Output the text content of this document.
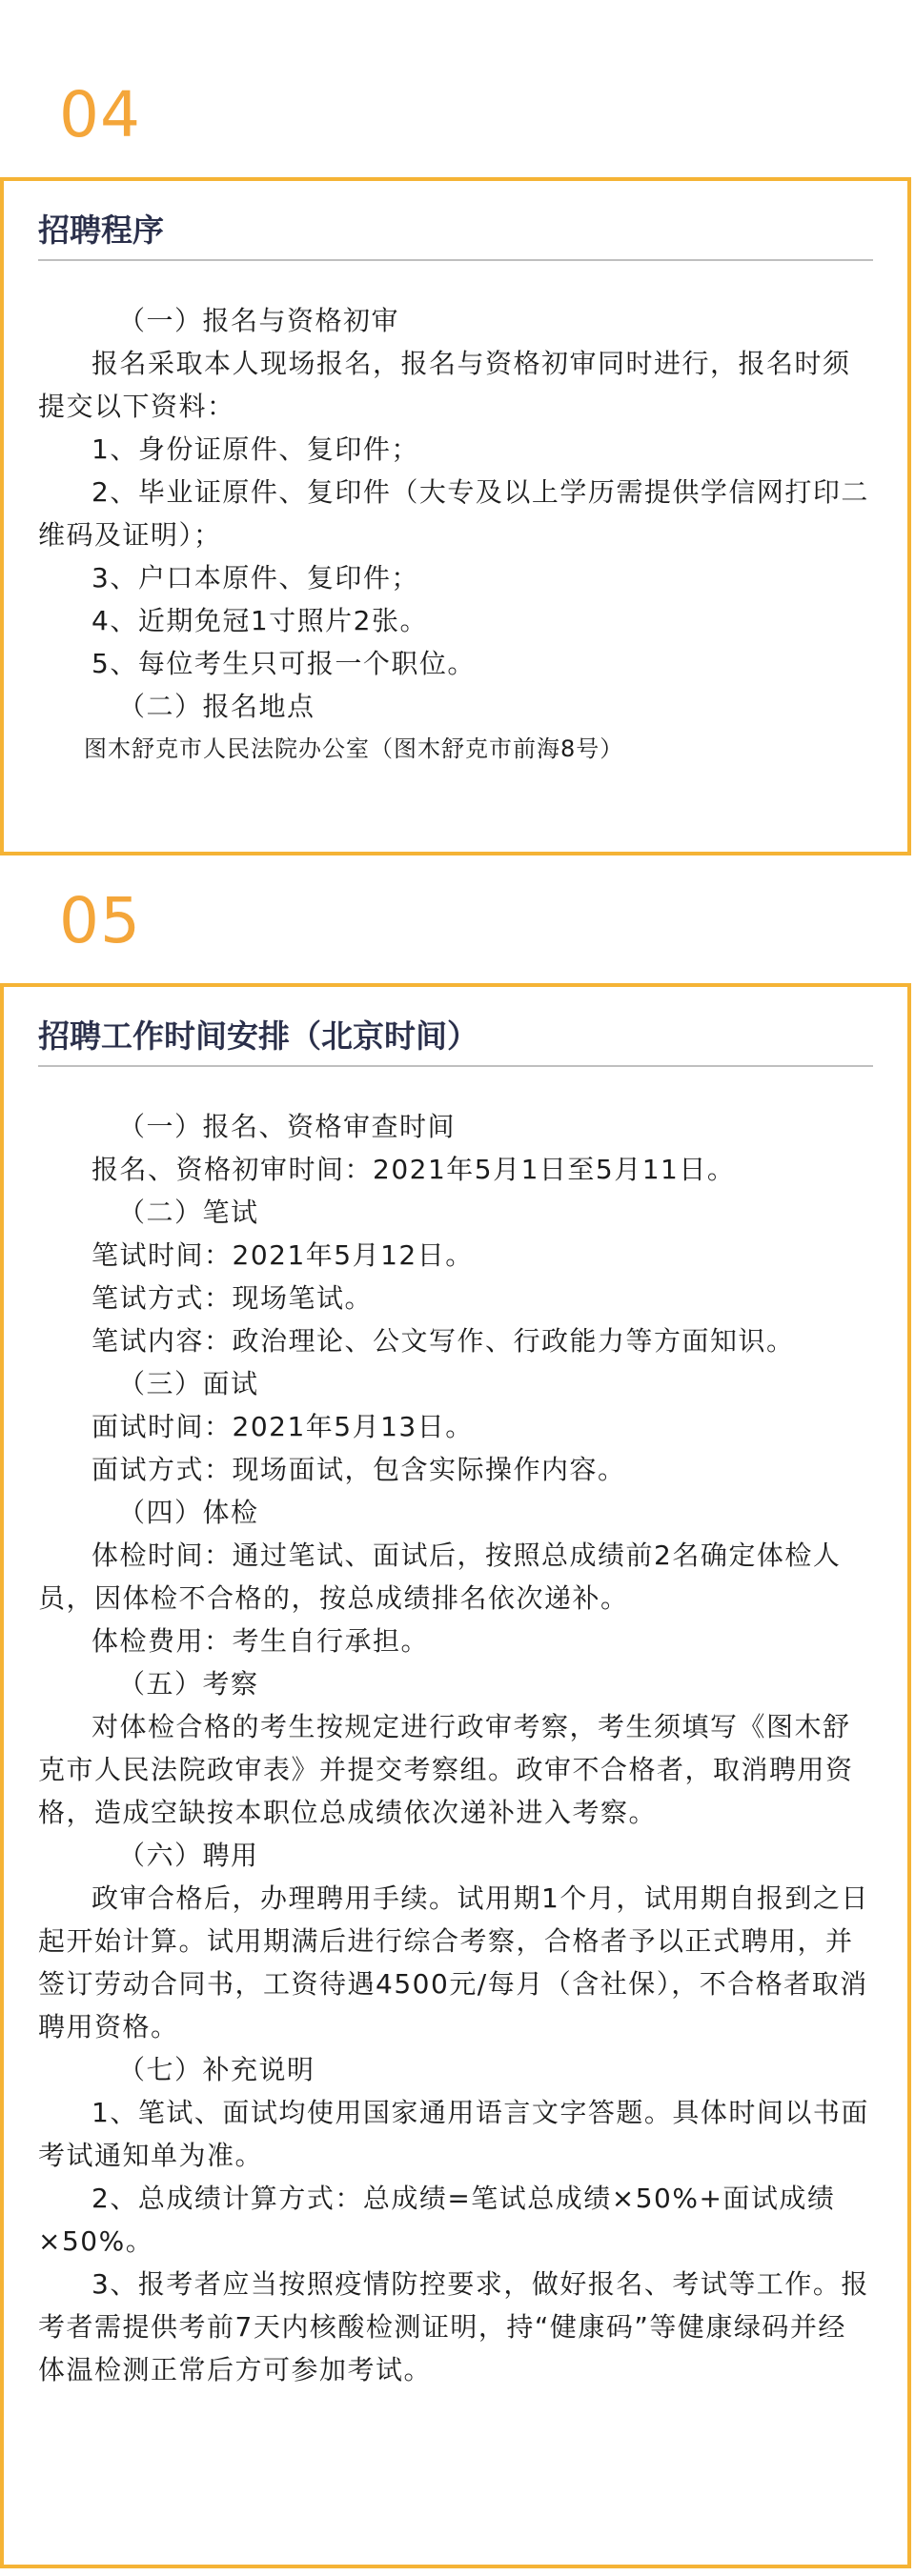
04
招聘程序

（一）报名与资格初审

报名采取本人现场报名，报名与资格初审同时进行，报名时须提交以下资料：

1、身份证原件、复印件；

2、毕业证原件、复印件（大专及以上学历需提供学信网打印二维码及证明）；

3、户口本原件、复印件；

4、近期免冠1寸照片2张。

5、每位考生只可报一个职位。

（二）报名地点

图木舒克市人民法院办公室（图木舒克市前海8号）

05
招聘工作时间安排（北京时间）

（一）报名、资格审查时间

报名、资格初审时间：2021年5月1日至5月11日。

（二）笔试

笔试时间：2021年5月12日。

笔试方式：现场笔试。

笔试内容：政治理论、公文写作、行政能力等方面知识。

（三）面试

面试时间：2021年5月13日。

面试方式：现场面试，包含实际操作内容。

（四）体检

体检时间：通过笔试、面试后，按照总成绩前2名确定体检人员，因体检不合格的，按总成绩排名依次递补。

体检费用：考生自行承担。

（五）考察

对体检合格的考生按规定进行政审考察，考生须填写《图木舒克市人民法院政审表》并提交考察组。政审不合格者，取消聘用资格，造成空缺按本职位总成绩依次递补进入考察。

（六）聘用

政审合格后，办理聘用手续。试用期1个月，试用期自报到之日起开始计算。试用期满后进行综合考察，合格者予以正式聘用，并签订劳动合同书，工资待遇4500元/每月（含社保），不合格者取消聘用资格。

（七）补充说明

1、笔试、面试均使用国家通用语言文字答题。具体时间以书面考试通知单为准。

2、总成绩计算方式：总成绩=笔试总成绩×50%+面试成绩×50%。

3、报考者应当按照疫情防控要求，做好报名、考试等工作。报考者需提供考前7天内核酸检测证明，持“健康码”等健康绿码并经体温检测正常后方可参加考试。
